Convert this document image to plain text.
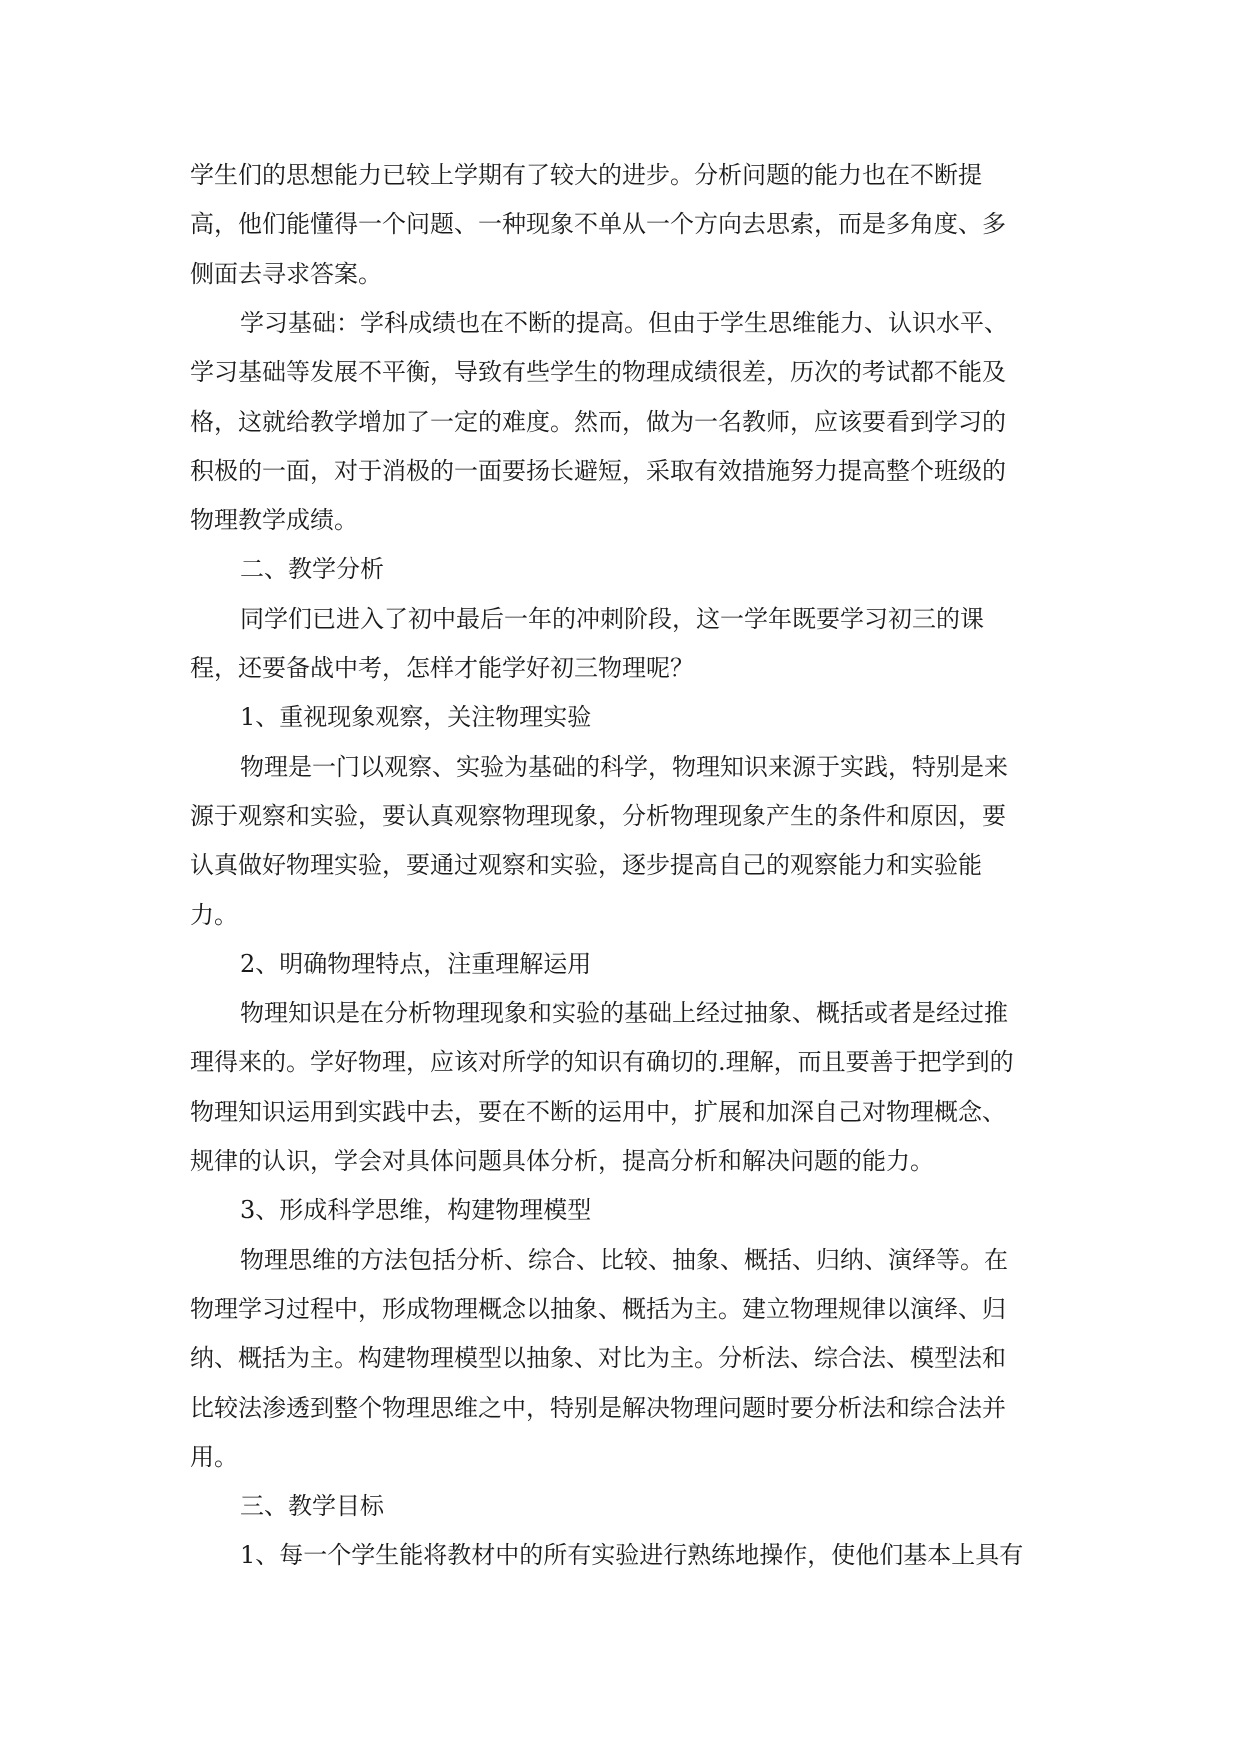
学生们的思想能力已较上学期有了较大的进步。分析问题的能力也在不断提
高，他们能懂得一个问题、一种现象不单从一个方向去思索，而是多角度、多
侧面去寻求答案。
学习基础：学科成绩也在不断的提高。但由于学生思维能力、认识水平、
学习基础等发展不平衡，导致有些学生的物理成绩很差，历次的考试都不能及
格，这就给教学增加了一定的难度。然而，做为一名教师，应该要看到学习的
积极的一面，对于消极的一面要扬长避短，采取有效措施努力提高整个班级的
物理教学成绩。
二、教学分析
同学们已进入了初中最后一年的冲刺阶段，这一学年既要学习初三的课
程，还要备战中考，怎样才能学好初三物理呢？
1、重视现象观察，关注物理实验
物理是一门以观察、实验为基础的科学，物理知识来源于实践，特别是来
源于观察和实验，要认真观察物理现象，分析物理现象产生的条件和原因，要
认真做好物理实验，要通过观察和实验，逐步提高自己的观察能力和实验能
力。
2、明确物理特点，注重理解运用
物理知识是在分析物理现象和实验的基础上经过抽象、概括或者是经过推
理得来的。学好物理，应该对所学的知识有确切的.理解，而且要善于把学到的
物理知识运用到实践中去，要在不断的运用中，扩展和加深自己对物理概念、
规律的认识，学会对具体问题具体分析，提高分析和解决问题的能力。
3、形成科学思维，构建物理模型
物理思维的方法包括分析、综合、比较、抽象、概括、归纳、演绎等。在
物理学习过程中，形成物理概念以抽象、概括为主。建立物理规律以演绎、归
纳、概括为主。构建物理模型以抽象、对比为主。分析法、综合法、模型法和
比较法渗透到整个物理思维之中，特别是解决物理问题时要分析法和综合法并
用。
三、教学目标
1、每一个学生能将教材中的所有实验进行熟练地操作，使他们基本上具有
